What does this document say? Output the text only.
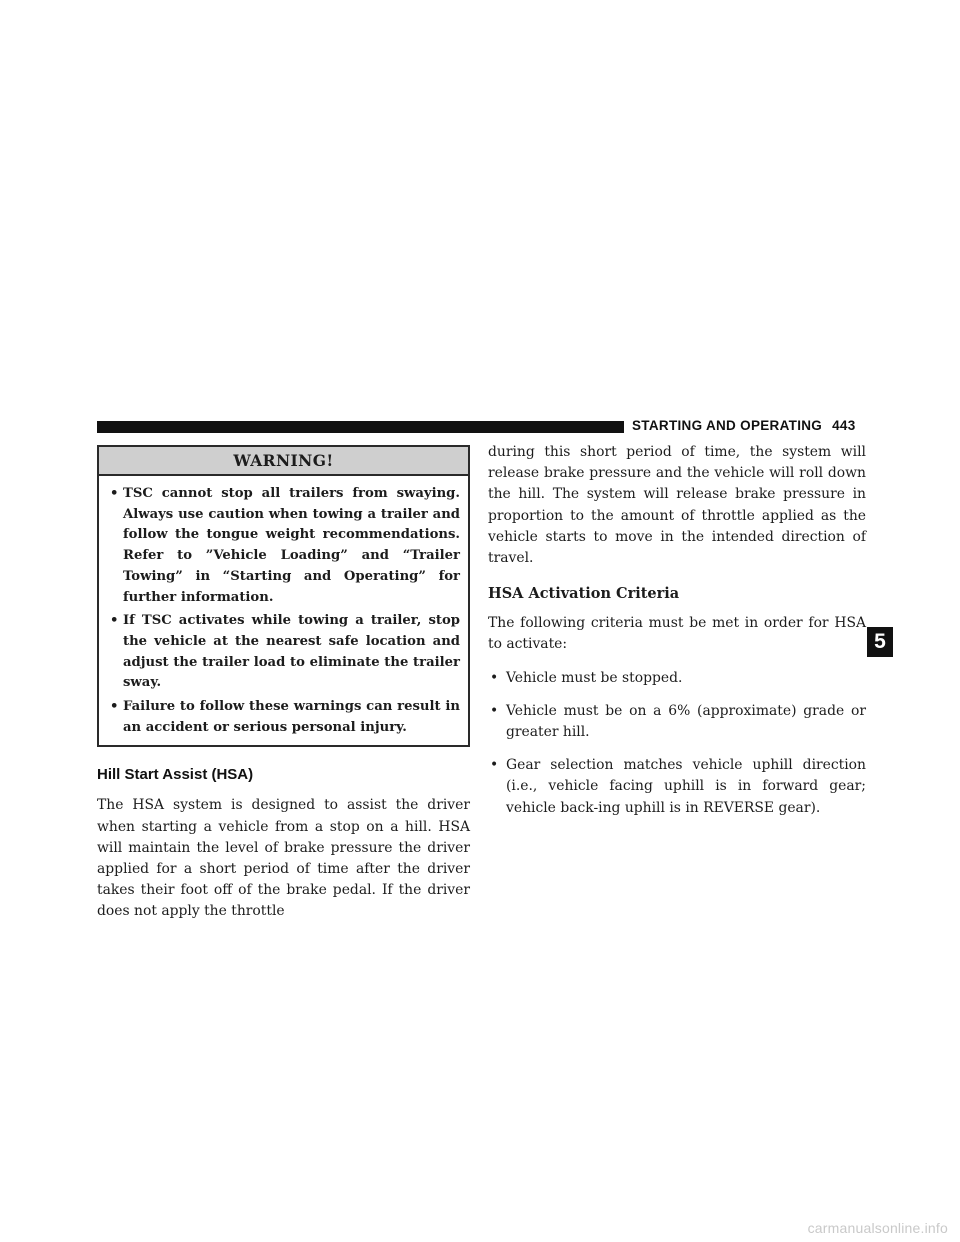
STARTING AND OPERATING 443
WARNING!
• TSC cannot stop all trailers from swaying. Always use caution when towing a trailer and follow the tongue weight recommendations. Refer to ”Vehicle Loading” and “Trailer Towing” in “Starting and Operating” for further information.
• If TSC activates while towing a trailer, stop the vehicle at the nearest safe location and adjust the trailer load to eliminate the trailer sway.
• Failure to follow these warnings can result in an accident or serious personal injury.
Hill Start Assist (HSA)

The HSA system is designed to assist the driver when starting a vehicle from a stop on a hill. HSA will maintain the level of brake pressure the driver applied for a short period of time after the driver takes their foot off of the brake pedal. If the driver does not apply the throttle

during this short period of time, the system will release brake pressure and the vehicle will roll down the hill. The system will release brake pressure in proportion to the amount of throttle applied as the vehicle starts to move in the intended direction of travel.

HSA Activation Criteria

The following criteria must be met in order for HSA to activate:

• Vehicle must be stopped.
• Vehicle must be on a 6% (approximate) grade or greater hill.
• Gear selection matches vehicle uphill direction (i.e., vehicle facing uphill is in forward gear; vehicle back-ing uphill is in REVERSE gear).
5
carmanualsonline.info
